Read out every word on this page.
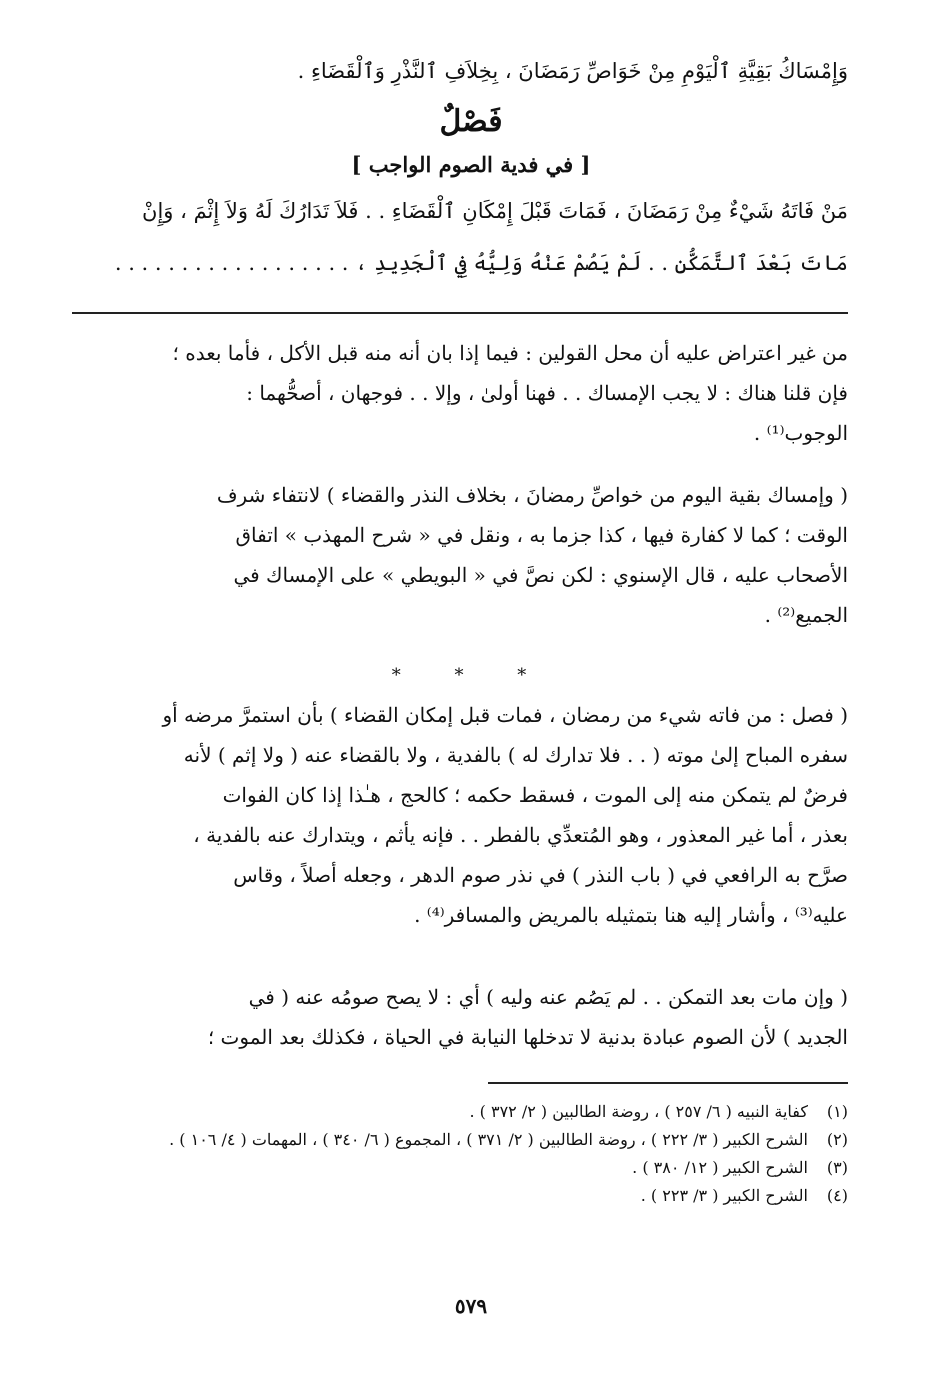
وَإِمْسَاكُ بَقِيَّةِ ٱلْيَوْمِ مِنْ خَوَاصِّ رَمَضَانَ ، بِخِلاَفِ ٱلنَّذْرِ وَٱلْقَضَاءِ .
فَصْلٌ
[ في فدية الصوم الواجب ]
مَنْ فَاتَهُ شَيْءٌ مِنْ رَمَضَانَ ، فَمَاتَ قَبْلَ إِمْكَانِ ٱلْقَضَاءِ . . فَلاَ تَدَارُكَ لَهُ وَلاَ إِثْمَ ، وَإِنْ
مَاتَ بَعْدَ ٱلتَّمَكُّنِ . . لَمْ يَصُمْ عَنْهُ وَلِيُّهُ فِي ٱلْجَدِيدِ ، . . . . . . . . . . . . . . . . . .
من غير اعتراض عليه أن محل القولين : فيما إذا بان أنه منه قبل الأكل ، فأما بعده ؛
فإن قلنا هناك : لا يجب الإمساك . . فهنا أولىٰ ، وإلا . . فوجهان ، أصحُّهما :
الوجوب⁽¹⁾ .
( وإمساك بقية اليوم من خواصِّ رمضانَ ، بخلاف النذر والقضاء ) لانتفاء شرف
الوقت ؛ كما لا كفارة فيها ، كذا جزما به ، ونقل في « شرح المهذب » اتفاق
الأصحاب عليه ، قال الإسنوي : لكن نصَّ في « البويطي » على الإمساك في
الجميع⁽²⁾ .
* * *
( فصل : من فاته شيء من رمضان ، فمات قبل إمكان القضاء ) بأن استمرَّ مرضه أو
سفره المباح إلىٰ موته ( . . فلا تدارك له ) بالفدية ، ولا بالقضاء عنه ( ولا إثم ) لأنه
فرضٌ لم يتمكن منه إلى الموت ، فسقط حكمه ؛ كالحج ، هـٰذا إذا كان الفوات
بعذر ، أما غير المعذور ، وهو المُتعدِّي بالفطر . . فإنه يأثم ، ويتدارك عنه بالفدية ،
صرَّح به الرافعي في ( باب النذر ) في نذر صوم الدهر ، وجعله أصلاً ، وقاس
عليه⁽³⁾ ، وأشار إليه هنا بتمثيله بالمريض والمسافر⁽⁴⁾ .
( وإن مات بعد التمكن . . لم يَصُم عنه وليه ) أي : لا يصح صومُه عنه ( في
الجديد ) لأن الصوم عبادة بدنية لا تدخلها النيابة في الحياة ، فكذلك بعد الموت ؛
(١)
كفاية النبيه ( ٦/ ٢٥٧ ) ، روضة الطالبين ( ٢/ ٣٧٢ ) .
(٢)
الشرح الكبير ( ٣/ ٢٢٢ ) ، روضة الطالبين ( ٢/ ٣٧١ ) ، المجموع ( ٦/ ٣٤٠ ) ، المهمات ( ٤/ ١٠٦ ) .
(٣)
الشرح الكبير ( ١٢/ ٣٨٠ ) .
(٤)
الشرح الكبير ( ٣/ ٢٢٣ ) .
٥٧٩
